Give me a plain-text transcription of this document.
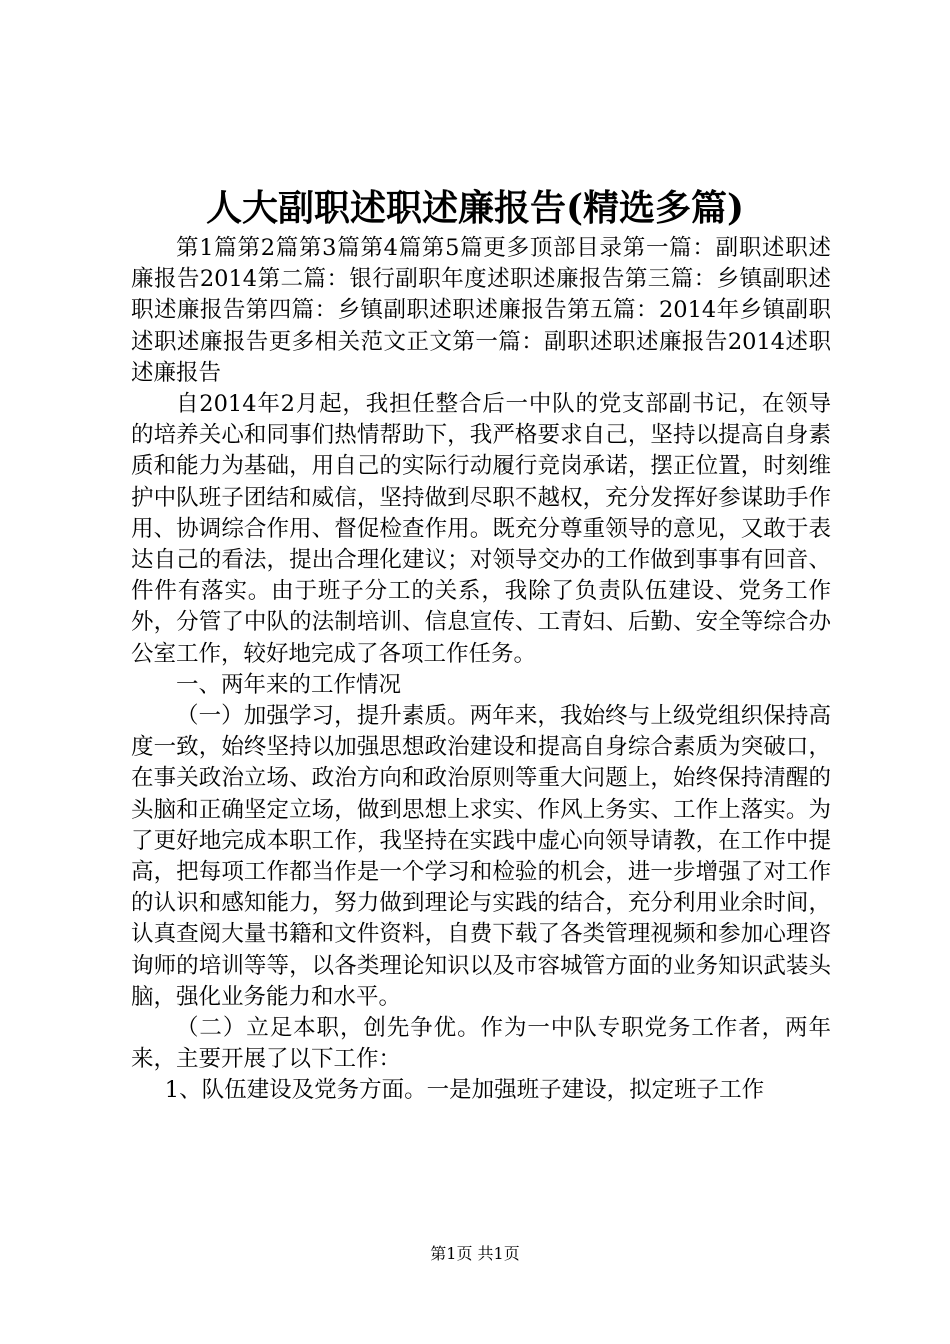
人大副职述职述廉报告(精选多篇)

第1篇第2篇第3篇第4篇第5篇更多顶部目录第一篇：副职述职述廉报告2014第二篇：银行副职年度述职述廉报告第三篇：乡镇副职述职述廉报告第四篇：乡镇副职述职述廉报告第五篇：2014年乡镇副职述职述廉报告更多相关范文正文第一篇：副职述职述廉报告2014述职述廉报告

自2014年2月起，我担任整合后一中队的党支部副书记，在领导的培养关心和同事们热情帮助下，我严格要求自己，坚持以提高自身素质和能力为基础，用自己的实际行动履行竞岗承诺，摆正位置，时刻维护中队班子团结和威信，坚持做到尽职不越权，充分发挥好参谋助手作用、协调综合作用、督促检查作用。既充分尊重领导的意见，又敢于表达自己的看法，提出合理化建议；对领导交办的工作做到事事有回音、件件有落实。由于班子分工的关系，我除了负责队伍建设、党务工作外，分管了中队的法制培训、信息宣传、工青妇、后勤、安全等综合办公室工作，较好地完成了各项工作任务。

一、两年来的工作情况

（一）加强学习，提升素质。两年来，我始终与上级党组织保持高度一致，始终坚持以加强思想政治建设和提高自身综合素质为突破口，在事关政治立场、政治方向和政治原则等重大问题上，始终保持清醒的头脑和正确坚定立场，做到思想上求实、作风上务实、工作上落实。为了更好地完成本职工作，我坚持在实践中虚心向领导请教，在工作中提高，把每项工作都当作是一个学习和检验的机会，进一步增强了对工作的认识和感知能力，努力做到理论与实践的结合，充分利用业余时间，认真查阅大量书籍和文件资料，自费下载了各类管理视频和参加心理咨询师的培训等等，以各类理论知识以及市容城管方面的业务知识武装头脑，强化业务能力和水平。

（二）立足本职，创先争优。作为一中队专职党务工作者，两年来，主要开展了以下工作：

1、队伍建设及党务方面。一是加强班子建设，拟定班子工作

第1页 共1页
